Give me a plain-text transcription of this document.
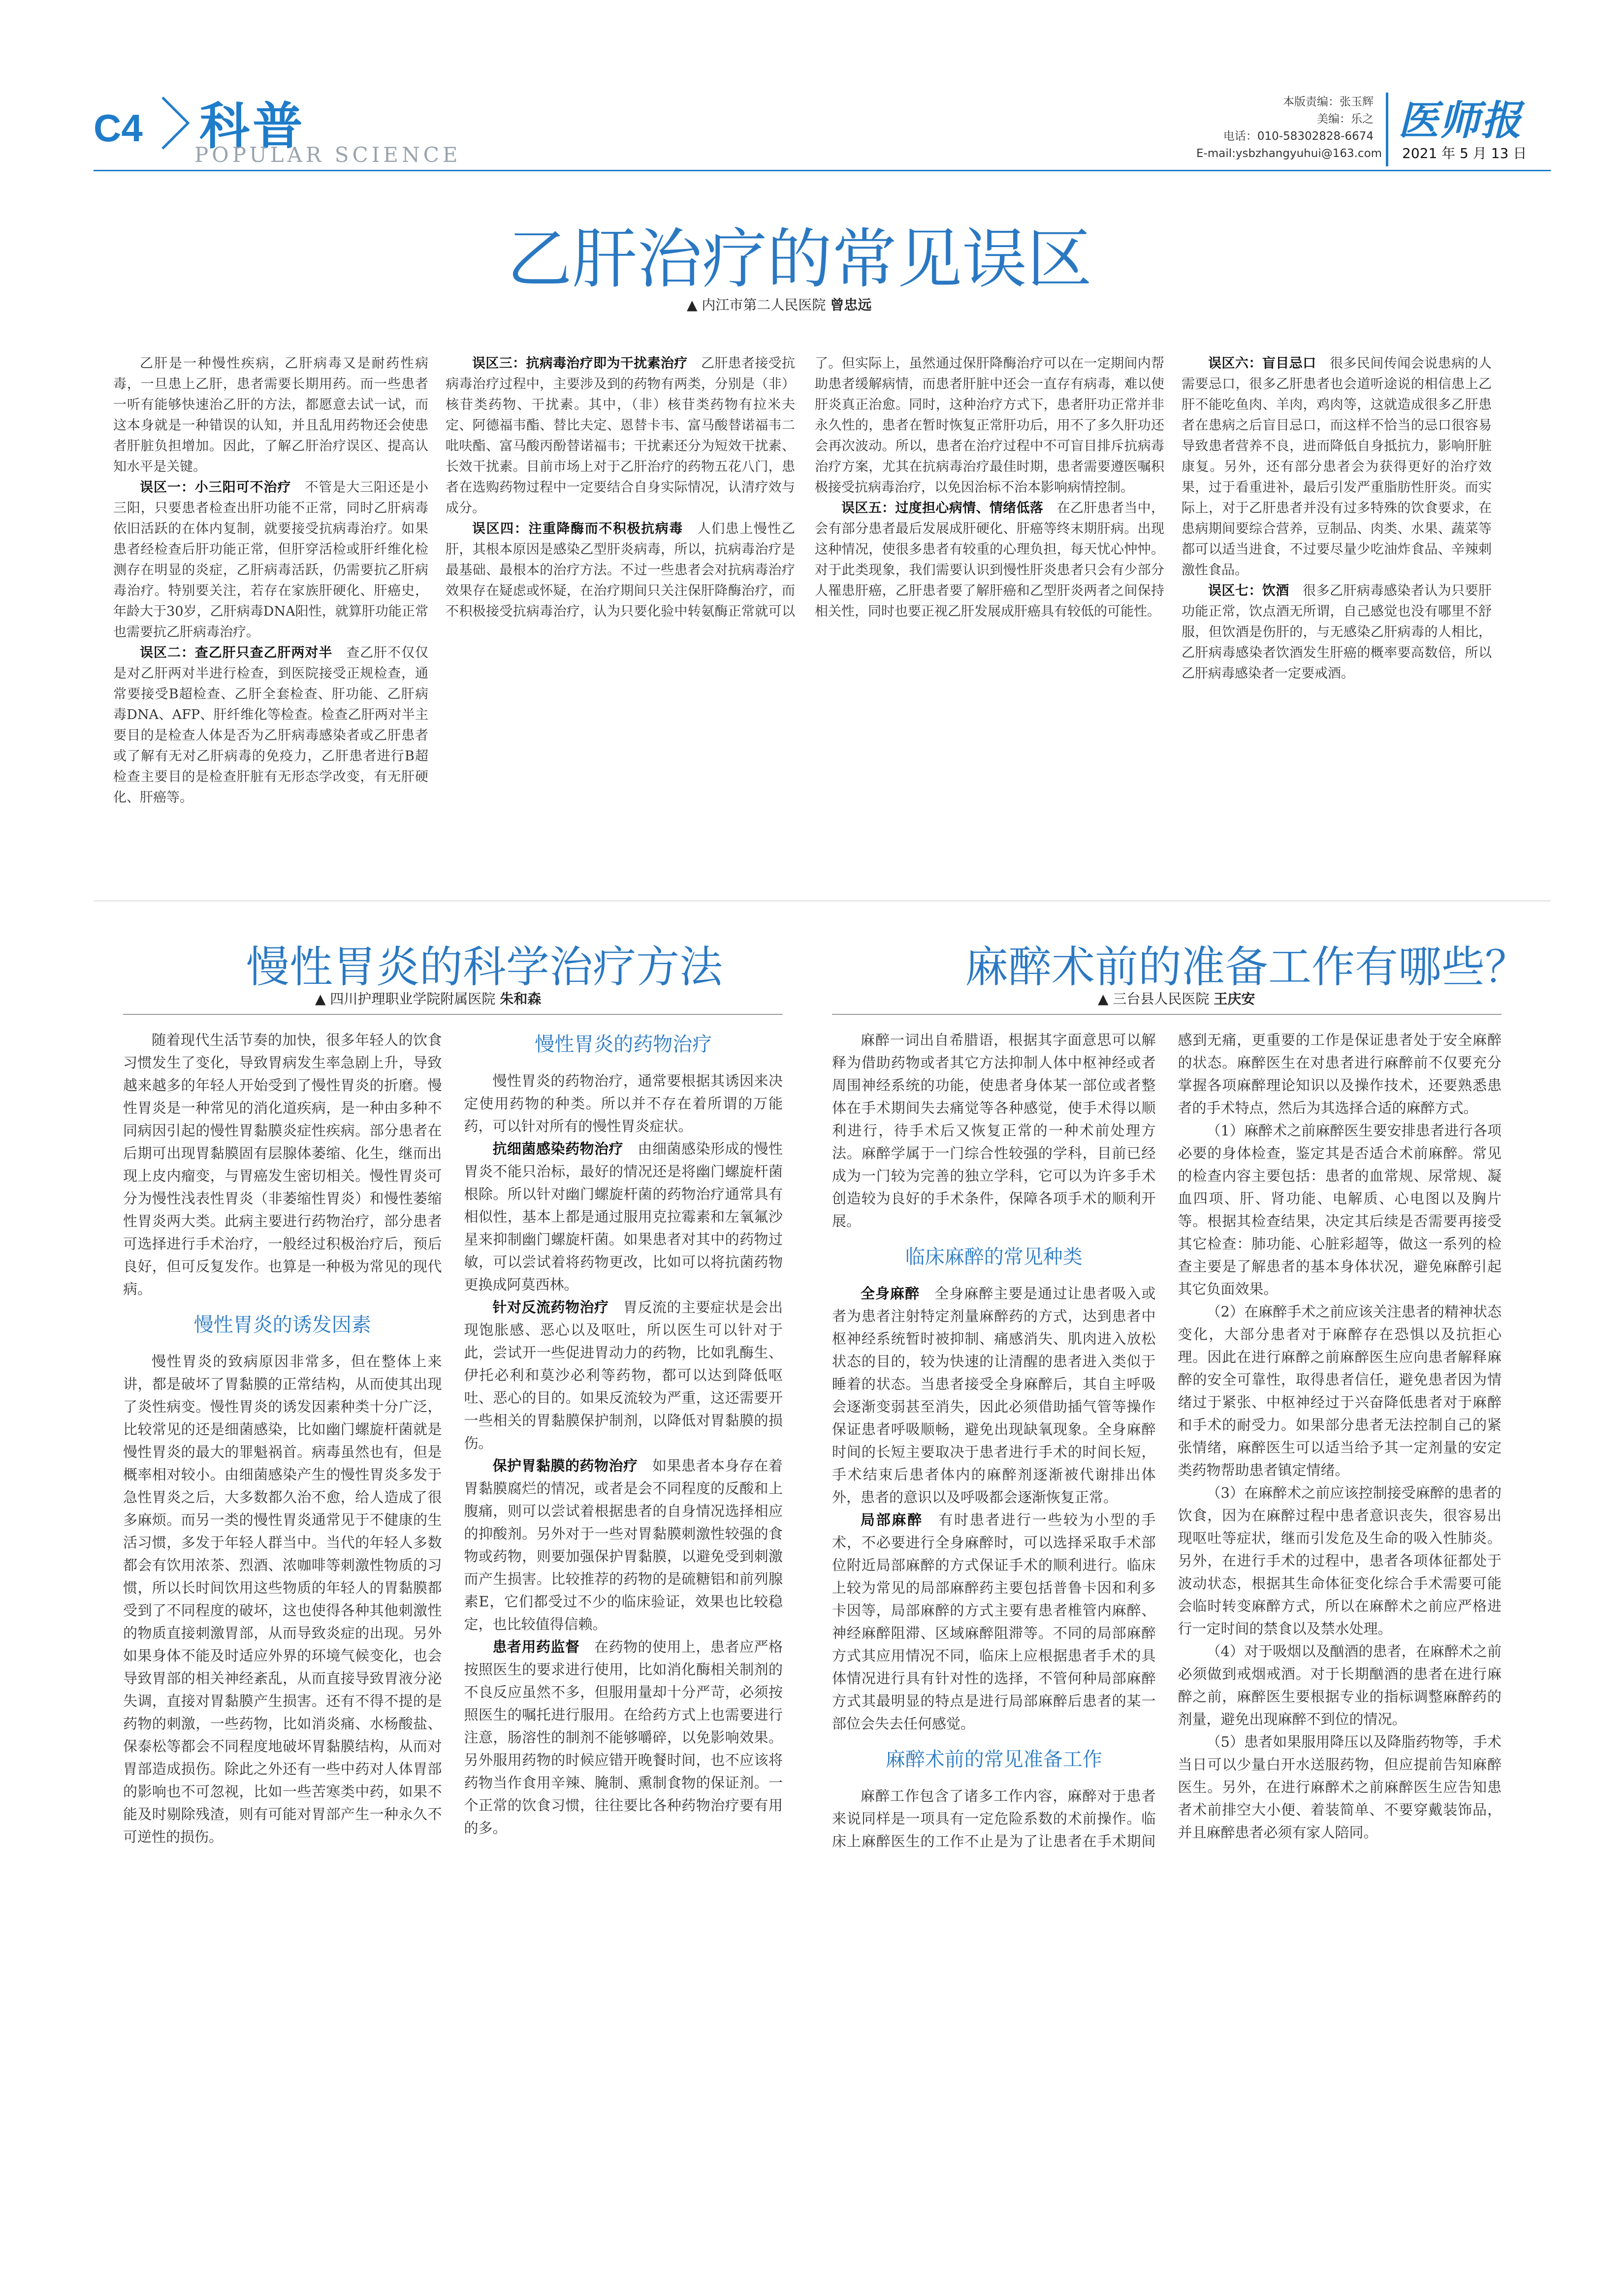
C4 科普
POPULAR SCIENCE
本版责编：张玉辉
美编：乐之
电话：010-58302828-6674
E-mail:ysbzhangyuhui@163.com
医师报
2021 年 5 月 13 日
乙肝治疗的常见误区
▲ 内江市第二人民医院 曾忠远

乙肝是一种慢性疾病，乙肝病毒又是耐药性病毒，一旦患上乙肝，患者需要长期用药。而一些患者一听有能够快速治乙肝的方法，都愿意去试一试，而这本身就是一种错误的认知，并且乱用药物还会使患者肝脏负担增加。因此，了解乙肝治疗误区、提高认知水平是关键。

误区一：小三阳可不治疗　 不管是大三阳还是小三阳，只要患者检查出肝功能不正常，同时乙肝病毒依旧活跃的在体内复制，就要接受抗病毒治疗。如果患者经检查后肝功能正常，但肝穿活检或肝纤维化检测存在明显的炎症，乙肝病毒活跃，仍需要抗乙肝病毒治疗。特别要关注，若存在家族肝硬化、肝癌史，年龄大于30岁，乙肝病毒DNA阳性，就算肝功能正常也需要抗乙肝病毒治疗。

误区二：查乙肝只查乙肝两对半　 查乙肝不仅仅是对乙肝两对半进行检查，到医院接受正规检查，通常要接受B超检查、乙肝全套检查、肝功能、乙肝病毒DNA、AFP、肝纤维化等检查。检查乙肝两对半主要目的是检查人体是否为乙肝病毒感染者或乙肝患者或了解有无对乙肝病毒的免疫力，乙肝患者进行B超检查主要目的是检查肝脏有无形态学改变，有无肝硬化、肝癌等。

误区六：盲目忌口　 很多民间传闻会说患病的人需要忌口，很多乙肝患者也会道听途说的相信患上乙肝不能吃鱼肉、羊肉，鸡肉等，这就造成很多乙肝患者在患病之后盲目忌口，而这样不恰当的忌口很容易导致患者营养不良，进而降低自身抵抗力，影响肝脏康复。另外，还有部分患者会为获得更好的治疗效果，过于看重进补，最后引发严重脂肪性肝炎。而实际上，对于乙肝患者并没有过多特殊的饮食要求，在患病期间要综合营养，豆制品、肉类、水果、蔬菜等都可以适当进食，不过要尽量少吃油炸食品、辛辣刺激性食品。

误区七：饮酒　 很多乙肝病毒感染者认为只要肝功能正常，饮点酒无所谓，自己感觉也没有哪里不舒服，但饮酒是伤肝的，与无感染乙肝病毒的人相比，乙肝病毒感染者饮酒发生肝癌的概率要高数倍，所以乙肝病毒感染者一定要戒酒。

误区三：抗病毒治疗即为干扰素治疗　 乙肝患者接受抗病毒治疗过程中，主要涉及到的药物有两类，分别是（非）核苷类药物、干扰素。其中，（非）核苷类药物有拉米夫定、阿德福韦酯、替比夫定、恩替卡韦、富马酸替诺福韦二吡呋酯、富马酸丙酚替诺福韦；干扰素还分为短效干扰素、长效干扰素。目前市场上对于乙肝治疗的药物五花八门，患者在选购药物过程中一定要结合自身实际情况，认清疗效与成分。

误区四：注重降酶而不积极抗病毒　 人们患上慢性乙肝，其根本原因是感染乙型肝炎病毒，所以，抗病毒治疗是最基础、最根本的治疗方法。不过一些患者会对抗病毒治疗效果存在疑虑或怀疑，在治疗期间只关注保肝降酶治疗，而不积极接受抗病毒治疗，认为只要化验中转氨酶正常就可以了。但实际上，虽然通过保肝降酶治疗可以在一定期间内帮助患者缓解病情，而患者肝脏中还会一直存有病毒，难以使肝炎真正治愈。同时，这种治疗方式下，患者肝功正常并非永久性的，患者在暂时恢复正常肝功后，用不了多久肝功还会再次波动。所以，患者在治疗过程中不可盲目排斥抗病毒治疗方案，尤其在抗病毒治疗最佳时期，患者需要遵医嘱积极接受抗病毒治疗，以免因治标不治本影响病情控制。

误区五：过度担心病情、情绪低落　 在乙肝患者当中，会有部分患者最后发展成肝硬化、肝癌等终末期肝病。出现这种情况，使很多患者有较重的心理负担，每天忧心忡忡。对于此类现象，我们需要认识到慢性肝炎患者只会有少部分人罹患肝癌，乙肝患者要了解肝癌和乙型肝炎两者之间保持相关性，同时也要正视乙肝发展成肝癌具有较低的可能性。

慢性胃炎的科学治疗方法
▲ 四川护理职业学院附属医院 朱和森

随着现代生活节奏的加快，很多年轻人的饮食习惯发生了变化，导致胃病发生率急剧上升，导致越来越多的年轻人开始受到了慢性胃炎的折磨。慢性胃炎是一种常见的消化道疾病，是一种由多种不同病因引起的慢性胃黏膜炎症性疾病。部分患者在后期可出现胃黏膜固有层腺体萎缩、化生，继而出现上皮内瘤变，与胃癌发生密切相关。慢性胃炎可分为慢性浅表性胃炎（非萎缩性胃炎）和慢性萎缩性胃炎两大类。此病主要进行药物治疗，部分患者可选择进行手术治疗，一般经过积极治疗后，预后良好，但可反复发作。也算是一种极为常见的现代病。

慢性胃炎的诱发因素

慢性胃炎的致病原因非常多，但在整体上来讲，都是破坏了胃黏膜的正常结构，从而使其出现了炎性病变。慢性胃炎的诱发因素种类十分广泛，比较常见的还是细菌感染，比如幽门螺旋杆菌就是慢性胃炎的最大的罪魁祸首。病毒虽然也有，但是概率相对较小。由细菌感染产生的慢性胃炎多发于急性胃炎之后，大多数都久治不愈，给人造成了很多麻烦。而另一类的慢性胃炎通常见于不健康的生活习惯，多发于年轻人群当中。当代的年轻人多数都会有饮用浓茶、烈酒、浓咖啡等刺激性物质的习惯，所以长时间饮用这些物质的年轻人的胃黏膜都受到了不同程度的破坏，这也使得各种其他刺激性的物质直接刺激胃部，从而导致炎症的出现。另外如果身体不能及时适应外界的环境气候变化，也会导致胃部的相关神经紊乱，从而直接导致胃液分泌失调，直接对胃黏膜产生损害。还有不得不提的是药物的刺激，一些药物，比如消炎痛、水杨酸盐、保泰松等都会不同程度地破坏胃黏膜结构，从而对胃部造成损伤。除此之外还有一些中药对人体胃部的影响也不可忽视，比如一些苦寒类中药，如果不能及时剔除残渣，则有可能对胃部产生一种永久不可逆性的损伤。

慢性胃炎的药物治疗

慢性胃炎的药物治疗，通常要根据其诱因来决定使用药物的种类。所以并不存在着所谓的万能药，可以针对所有的慢性胃炎症状。

抗细菌感染药物治疗　 由细菌感染形成的慢性胃炎不能只治标，最好的情况还是将幽门螺旋杆菌根除。所以针对幽门螺旋杆菌的药物治疗通常具有相似性，基本上都是通过服用克拉霉素和左氧氟沙星来抑制幽门螺旋杆菌。如果患者对其中的药物过敏，可以尝试着将药物更改，比如可以将抗菌药物更换成阿莫西林。

针对反流药物治疗　 胃反流的主要症状是会出现饱胀感、恶心以及呕吐，所以医生可以针对于此，尝试开一些促进胃动力的药物，比如乳酶生、伊托必利和莫沙必利等药物，都可以达到降低呕吐、恶心的目的。如果反流较为严重，这还需要开一些相关的胃黏膜保护制剂，以降低对胃黏膜的损伤。

保护胃黏膜的药物治疗　 如果患者本身存在着胃黏膜腐烂的情况，或者是会不同程度的反酸和上腹痛，则可以尝试着根据患者的自身情况选择相应的抑酸剂。另外对于一些对胃黏膜刺激性较强的食物或药物，则要加强保护胃黏膜，以避免受到刺激而产生损害。比较推荐的药物的是硫糖铝和前列腺素E，它们都受过不少的临床验证，效果也比较稳定，也比较值得信赖。

患者用药监督　 在药物的使用上，患者应严格按照医生的要求进行使用，比如消化酶相关制剂的不良反应虽然不多，但服用量却十分严苛，必须按照医生的嘱托进行服用。在给药方式上也需要进行注意，肠溶性的制剂不能够嚼碎，以免影响效果。另外服用药物的时候应错开晚餐时间，也不应该将药物当作食用辛辣、腌制、熏制食物的保证剂。一个正常的饮食习惯，往往要比各种药物治疗要有用的多。

麻醉术前的准备工作有哪些？
▲ 三台县人民医院 王庆安

麻醉一词出自希腊语，根据其字面意思可以解释为借助药物或者其它方法抑制人体中枢神经或者周围神经系统的功能，使患者身体某一部位或者整体在手术期间失去痛觉等各种感觉，使手术得以顺利进行，待手术后又恢复正常的一种术前处理方法。麻醉学属于一门综合性较强的学科，目前已经成为一门较为完善的独立学科，它可以为许多手术创造较为良好的手术条件，保障各项手术的顺利开展。

临床麻醉的常见种类

全身麻醉　 全身麻醉主要是通过让患者吸入或者为患者注射特定剂量麻醉药的方式，达到患者中枢神经系统暂时被抑制、痛感消失、肌肉进入放松状态的目的，较为快速的让清醒的患者进入类似于睡着的状态。当患者接受全身麻醉后，其自主呼吸会逐渐变弱甚至消失，因此必须借助插气管等操作保证患者呼吸顺畅，避免出现缺氧现象。全身麻醉时间的长短主要取决于患者进行手术的时间长短，手术结束后患者体内的麻醉剂逐渐被代谢排出体外，患者的意识以及呼吸都会逐渐恢复正常。

局部麻醉　 有时患者进行一些较为小型的手术，不必要进行全身麻醉时，可以选择采取手术部位附近局部麻醉的方式保证手术的顺利进行。临床上较为常见的局部麻醉药主要包括普鲁卡因和利多卡因等，局部麻醉的方式主要有患者椎管内麻醉、神经麻醉阻滞、区域麻醉阻滞等。不同的局部麻醉方式其应用情况不同，临床上应根据患者手术的具体情况进行具有针对性的选择，不管何种局部麻醉方式其最明显的特点是进行局部麻醉后患者的某一部位会失去任何感觉。

麻醉术前的常见准备工作

麻醉工作包含了诸多工作内容，麻醉对于患者来说同样是一项具有一定危险系数的术前操作。临床上麻醉医生的工作不止是为了让患者在手术期间感到无痛，更重要的工作是保证患者处于安全麻醉的状态。麻醉医生在对患者进行麻醉前不仅要充分掌握各项麻醉理论知识以及操作技术，还要熟悉患者的手术特点，然后为其选择合适的麻醉方式。

（1）麻醉术之前麻醉医生要安排患者进行各项必要的身体检查，鉴定其是否适合术前麻醉。常见的检查内容主要包括：患者的血常规、尿常规、凝血四项、肝、肾功能、电解质、心电图以及胸片等。根据其检查结果，决定其后续是否需要再接受其它检查：肺功能、心脏彩超等，做这一系列的检查主要是了解患者的基本身体状况，避免麻醉引起其它负面效果。

（2）在麻醉手术之前应该关注患者的精神状态变化，大部分患者对于麻醉存在恐惧以及抗拒心理。因此在进行麻醉之前麻醉医生应向患者解释麻醉的安全可靠性，取得患者信任，避免患者因为情绪过于紧张、中枢神经过于兴奋降低患者对于麻醉和手术的耐受力。如果部分患者无法控制自己的紧张情绪，麻醉医生可以适当给予其一定剂量的安定类药物帮助患者镇定情绪。

（3）在麻醉术之前应该控制接受麻醉的患者的饮食，因为在麻醉过程中患者意识丧失，很容易出现呕吐等症状，继而引发危及生命的吸入性肺炎。另外，在进行手术的过程中，患者各项体征都处于波动状态，根据其生命体征变化综合手术需要可能会临时转变麻醉方式，所以在麻醉术之前应严格进行一定时间的禁食以及禁水处理。

（4）对于吸烟以及酗酒的患者，在麻醉术之前必须做到戒烟戒酒。对于长期酗酒的患者在进行麻醉之前，麻醉医生要根据专业的指标调整麻醉药的剂量，避免出现麻醉不到位的情况。

（5）患者如果服用降压以及降脂药物等，手术当日可以少量白开水送服药物，但应提前告知麻醉医生。另外，在进行麻醉术之前麻醉医生应告知患者术前排空大小便、着装简单、不要穿戴装饰品，并且麻醉患者必须有家人陪同。
